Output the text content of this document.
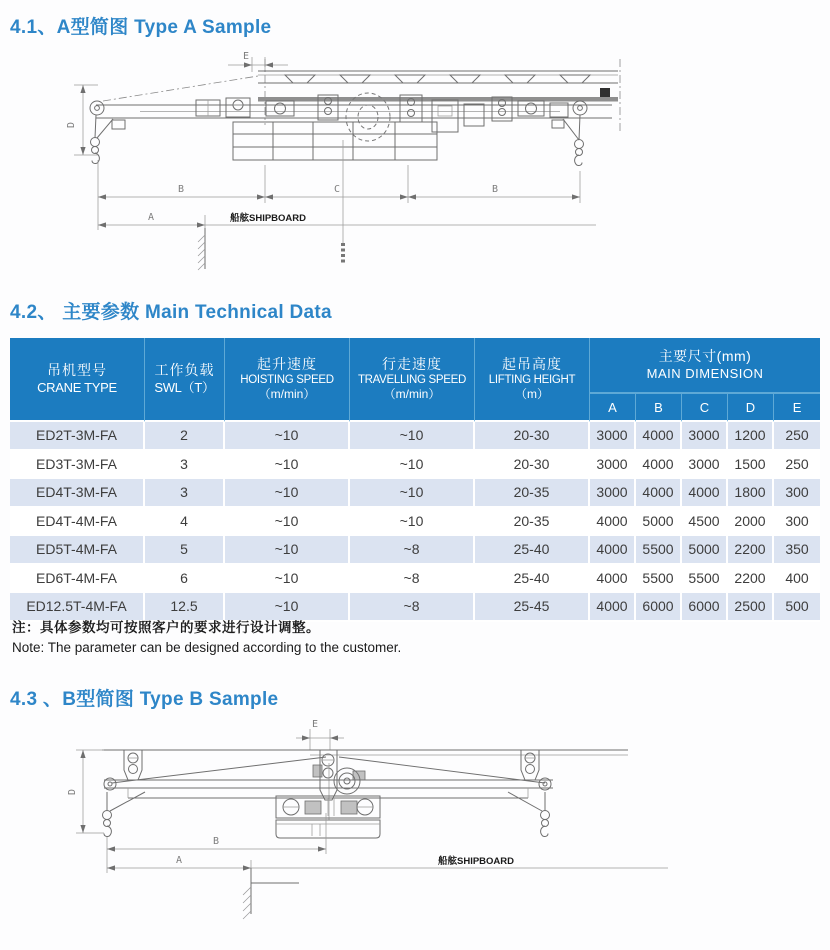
4.1、A型简图 Type A Sample
E
D
B	C	B
A	船舷SHIPBOARD
4.2、 主要参数 Main Technical Data
吊机型号
CRANE TYPE

工作负载
SWL（T）

起升速度
HOISTING SPEED
（m/min）

行走速度
TRAVELLING SPEED
（m/min）

起吊高度
LIFTING HEIGHT
（m）

主要尺寸(mm)
MAIN DIMENSION

					A	B	C	D	E
ED2T-3M-FA	2	~10	~10	20-30	3000	4000	3000	1200	250
ED3T-3M-FA	3	~10	~10	20-30	3000	4000	3000	1500	250
ED4T-3M-FA	3	~10	~10	20-35	3000	4000	4000	1800	300
ED4T-4M-FA	4	~10	~10	20-35	4000	5000	4500	2000	300
ED5T-4M-FA	5	~10	~8	25-40	4000	5500	5000	2200	350
ED6T-4M-FA	6	~10	~8	25-40	4000	5500	5500	2200	400
ED12.5T-4M-FA	12.5	~10	~8	25-45	4000	6000	6000	2500	500
注：具体参数均可按照客户的要求进行设计调整。
Note: The parameter can be designed according to the customer.
4.3 、B型简图 Type B Sample
E
D
B
A	船舷SHIPBOARD
